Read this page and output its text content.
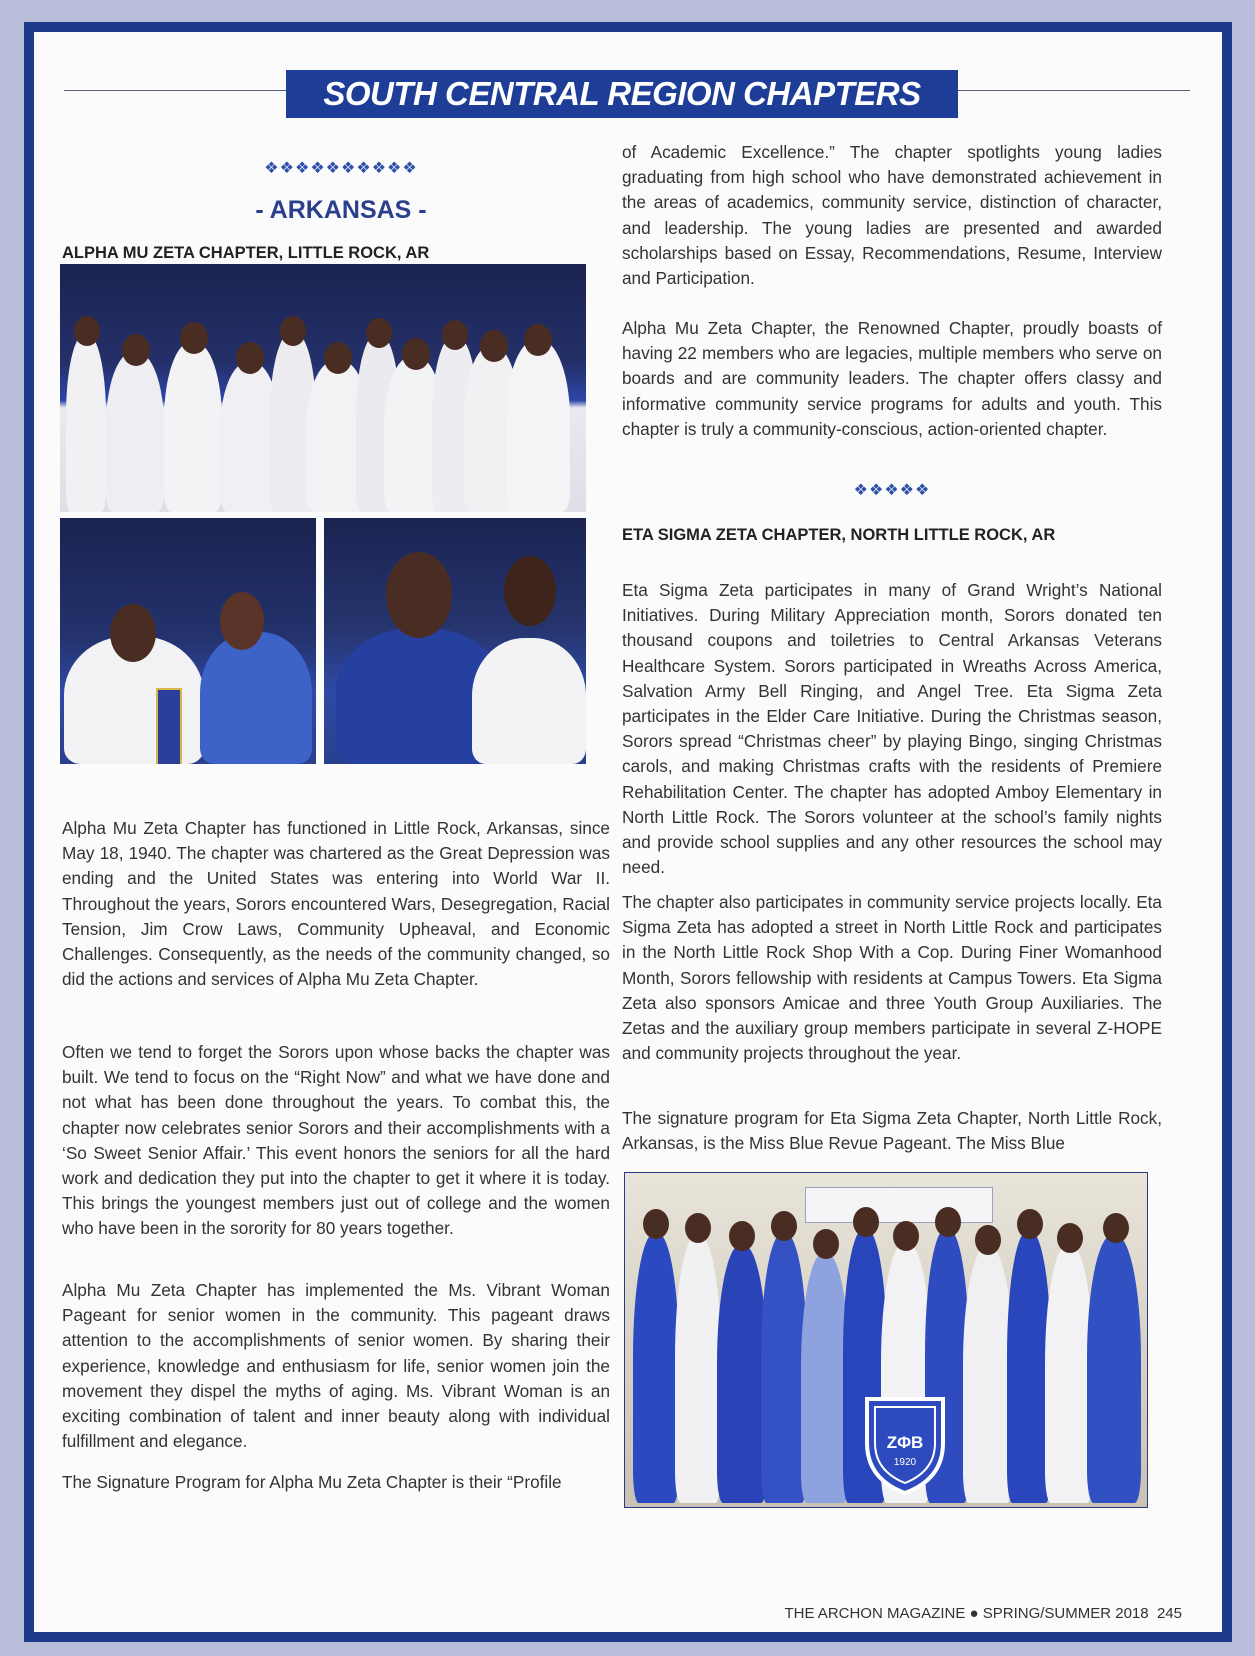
SOUTH CENTRAL REGION CHAPTERS
❖❖❖❖❖❖❖❖❖❖
- ARKANSAS -
ALPHA MU ZETA CHAPTER, LITTLE ROCK, AR
Alpha Mu Zeta Chapter has functioned in Little Rock, Arkansas, since May 18, 1940. The chapter was chartered as the Great Depression was ending and the United States was entering into World War II. Throughout the years, Sorors encountered Wars, Desegregation, Racial Tension, Jim Crow Laws, Community Upheaval, and Economic Challenges. Consequently, as the needs of the community changed, so did the actions and services of Alpha Mu Zeta Chapter.
Often we tend to forget the Sorors upon whose backs the chapter was built. We tend to focus on the “Right Now” and what we have done and not what has been done throughout the years. To combat this, the chapter now celebrates senior Sorors and their accomplishments with a ‘So Sweet Senior Affair.’ This event honors the seniors for all the hard work and dedication they put into the chapter to get it where it is today. This brings the youngest members just out of college and the women who have been in the sorority for 80 years together.
Alpha Mu Zeta Chapter has implemented the Ms. Vibrant Woman Pageant for senior women in the community. This pageant draws attention to the accomplishments of senior women. By sharing their experience, knowledge and enthusiasm for life, senior women join the movement they dispel the myths of aging. Ms. Vibrant Woman is an exciting combination of talent and inner beauty along with individual fulfillment and elegance.
The Signature Program for Alpha Mu Zeta Chapter is their “Profile
of Academic Excellence.” The chapter spotlights young ladies graduating from high school who have demonstrated achievement in the areas of academics, community service, distinction of character, and leadership. The young ladies are presented and awarded scholarships based on Essay, Recommendations, Resume, Interview and Participation.
Alpha Mu Zeta Chapter, the Renowned Chapter, proudly boasts of having 22 members who are legacies, multiple members who serve on boards and are community leaders. The chapter offers classy and informative community service programs for adults and youth. This chapter is truly a community-conscious, action-oriented chapter.
❖❖❖❖❖
ETA SIGMA ZETA CHAPTER, NORTH LITTLE ROCK, AR
Eta Sigma Zeta participates in many of Grand Wright’s National Initiatives. During Military Appreciation month, Sorors donated ten thousand coupons and toiletries to Central Arkansas Veterans Healthcare System. Sorors participated in Wreaths Across America, Salvation Army Bell Ringing, and Angel Tree. Eta Sigma Zeta participates in the Elder Care Initiative. During the Christmas season, Sorors spread “Christmas cheer” by playing Bingo, singing Christmas carols, and making Christmas crafts with the residents of Premiere Rehabilitation Center. The chapter has adopted Amboy Elementary in North Little Rock. The Sorors volunteer at the school’s family nights and provide school supplies and any other resources the school may need.
The chapter also participates in community service projects locally. Eta Sigma Zeta has adopted a street in North Little Rock and participates in the North Little Rock Shop With a Cop. During Finer Womanhood Month, Sorors fellowship with residents at Campus Towers. Eta Sigma Zeta also sponsors Amicae and three Youth Group Auxiliaries. The Zetas and the auxiliary group members participate in several Z-HOPE and community projects throughout the year.
The signature program for Eta Sigma Zeta Chapter, North Little Rock, Arkansas, is the Miss Blue Revue Pageant. The Miss Blue
ΖΦΒ
1920
THE ARCHON MAGAZINE ● SPRING/SUMMER 2018 245
